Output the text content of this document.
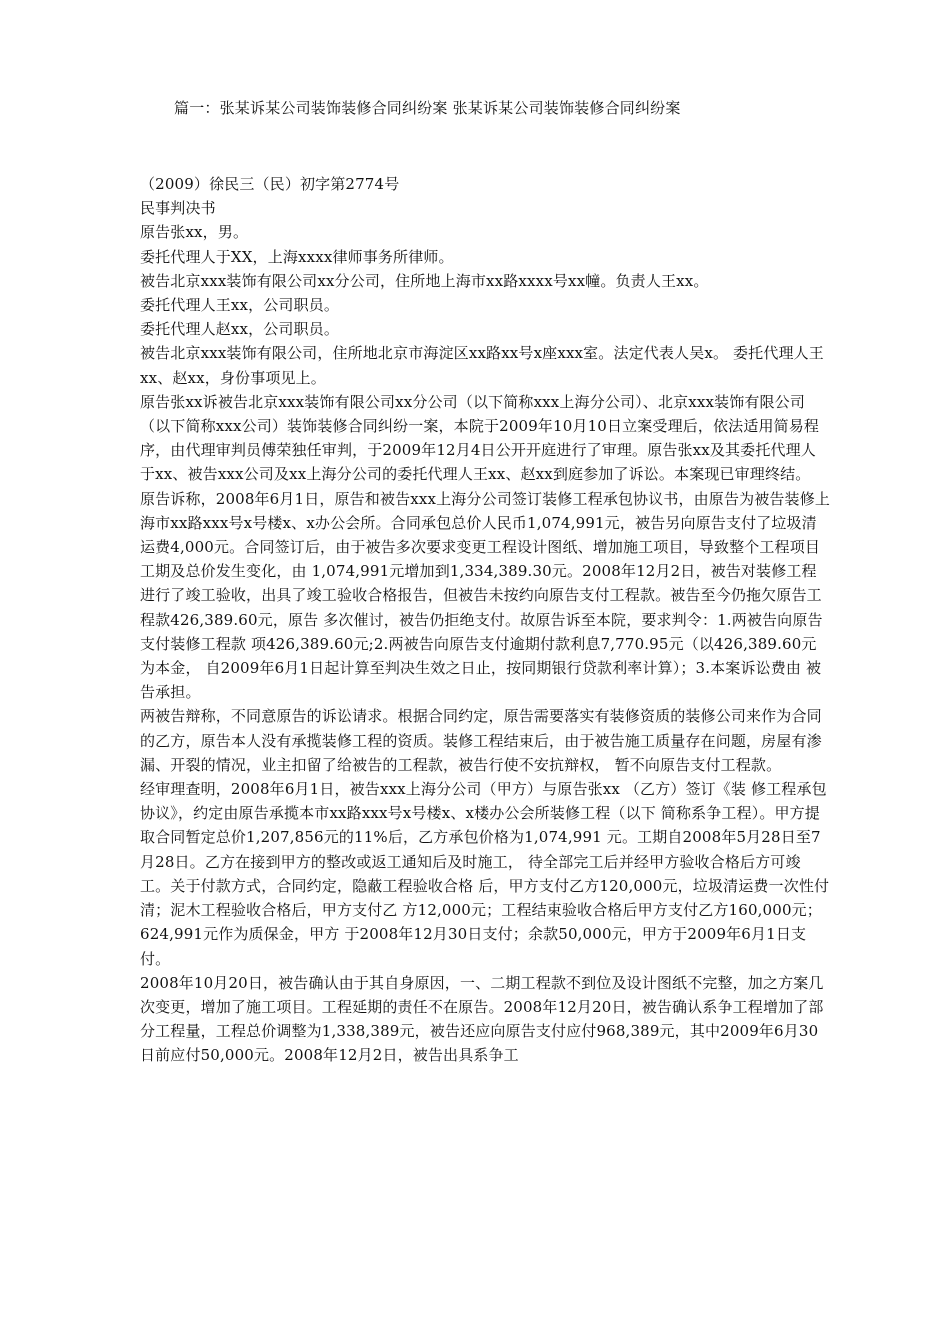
篇一：张某诉某公司装饰装修合同纠纷案 张某诉某公司装饰装修合同纠纷案

（2009）徐民三（民）初字第2774号

民事判决书

原告张xx，男。

委托代理人于XX，上海xxxx律师事务所律师。

被告北京xxx装饰有限公司xx分公司，住所地上海市xx路xxxx号xx幢。负责人王xx。

委托代理人王xx，公司职员。

委托代理人赵xx，公司职员。

被告北京xxx装饰有限公司，住所地北京市海淀区xx路xx号x座xxx室。法定代表人吴x。 委托代理人王xx、赵xx，身份事项见上。

原告张xx诉被告北京xxx装饰有限公司xx分公司（以下简称xxx上海分公司）、北京xxx装饰有限公司（以下简称xxx公司）装饰装修合同纠纷一案，本院于2009年10月10日立案受理后，依法适用简易程序，由代理审判员傅荣独任审判，于2009年12月4日公开开庭进行了审理。原告张xx及其委托代理人于xx、被告xxx公司及xx上海分公司的委托代理人王xx、赵xx到庭参加了诉讼。本案现已审理终结。

原告诉称，2008年6月1日，原告和被告xxx上海分公司签订装修工程承包协议书，由原告为被告装修上海市xx路xxx号x号楼x、x办公会所。合同承包总价人民币1,074,991元，被告另向原告支付了垃圾清运费4,000元。合同签订后，由于被告多次要求变更工程设计图纸、增加施工项目，导致整个工程项目工期及总价发生变化，由 1,074,991元增加到1,334,389.30元。2008年12月2日，被告对装修工程进行了竣工验收，出具了竣工验收合格报告，但被告未按约向原告支付工程款。被告至今仍拖欠原告工程款426,389.60元，原告 多次催讨，被告仍拒绝支付。故原告诉至本院，要求判令：1.两被告向原告支付装修工程款 项426,389.60元;2.两被告向原告支付逾期付款利息7,770.95元（以426,389.60元为本金， 自2009年6月1日起计算至判决生效之日止，按同期银行贷款利率计算）；3.本案诉讼费由 被告承担。

两被告辩称，不同意原告的诉讼请求。根据合同约定，原告需要落实有装修资质的装修公司来作为合同的乙方，原告本人没有承揽装修工程的资质。装修工程结束后，由于被告施工质量存在问题，房屋有渗漏、开裂的情况，业主扣留了给被告的工程款，被告行使不安抗辩权， 暂不向原告支付工程款。

经审理查明，2008年6月1日，被告xxx上海分公司（甲方）与原告张xx （乙方）签订《装 修工程承包协议》，约定由原告承揽本市xx路xxx号x号楼x、x楼办公会所装修工程（以下 简称系争工程）。甲方提取合同暂定总价1,207,856元的11%后，乙方承包价格为1,074,991 元。工期自2008年5月28日至7月28日。乙方在接到甲方的整改或返工通知后及时施工， 待全部完工后并经甲方验收合格后方可竣工。关于付款方式，合同约定，隐蔽工程验收合格 后，甲方支付乙方120,000元，垃圾清运费一次性付清；泥木工程验收合格后，甲方支付乙 方12,000元；工程结束验收合格后甲方支付乙方160,000元；624,991元作为质保金，甲方 于2008年12月30日支付；余款50,000元，甲方于2009年6月1日支付。

2008年10月20日，被告确认由于其自身原因，一、二期工程款不到位及设计图纸不完整，加之方案几次变更，增加了施工项目。工程延期的责任不在原告。2008年12月20日，被告确认系争工程增加了部分工程量，工程总价调整为1,338,389元，被告还应向原告支付应付968,389元，其中2009年6月30日前应付50,000元。2008年12月2日，被告出具系争工
